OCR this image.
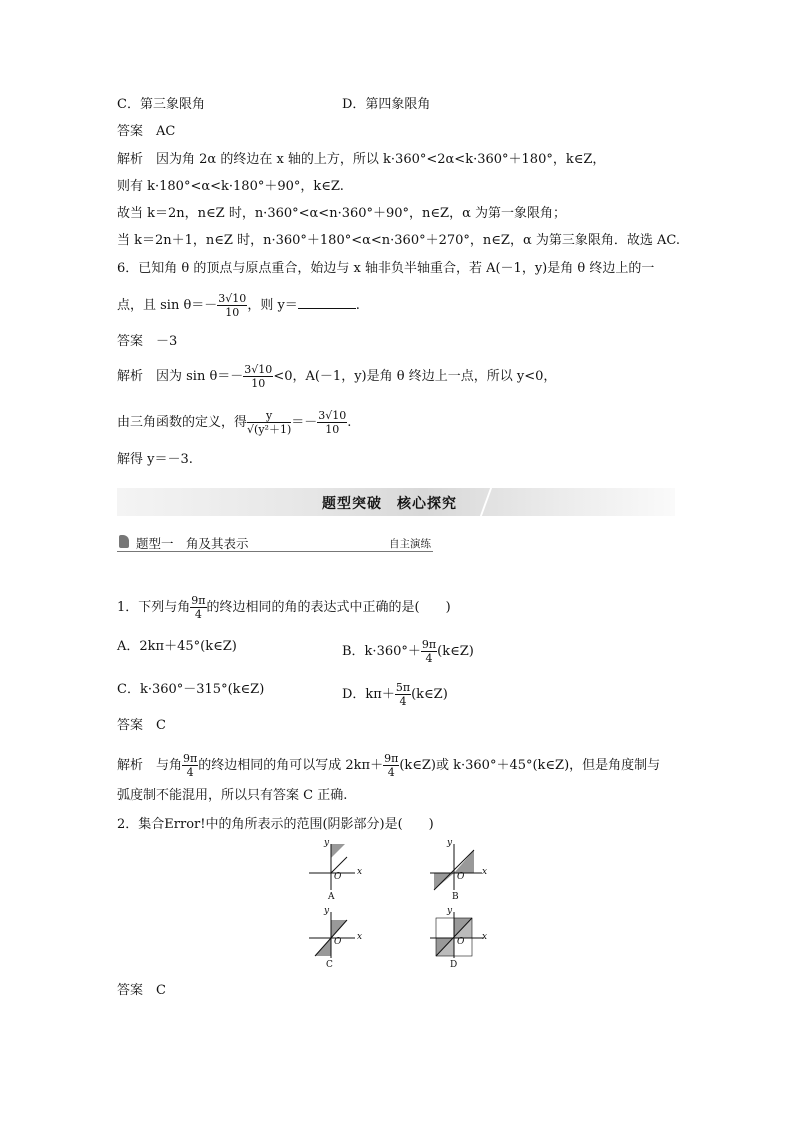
C．第三象限角	D．第四象限角
答案　AC
解析　因为角 2α 的终边在 x 轴的上方，所以 k·360°<2α<k·360°＋180°，k∈Z，
则有 k·180°<α<k·180°＋90°，k∈Z.
故当 k＝2n，n∈Z 时，n·360°<α<n·360°＋90°，n∈Z，α 为第一象限角；
当 k＝2n＋1，n∈Z 时，n·360°＋180°<α<n·360°＋270°，n∈Z，α 为第三象限角．故选 AC.
6．已知角 θ 的顶点与原点重合，始边与 x 轴非负半轴重合，若 A(－1，y)是角 θ 终边上的一
点，且 $\sin \theta=- \frac{3√10}{10}$ ，则 y＝	.
答案　－3
解析　因为 $\sin \theta=- \frac{3√10}{10} <0$，A(－1，y)是角 θ 终边上一点，所以 y<0，
由三角函数的定义，得 $\frac{y}{\text{√(y²＋1)}} =- \frac{3√10}{10}$ .
解得 y＝－3.
题型突破　核心探究
题型一　角及其表示	自主演练
1．下列与角 $\frac{9\pi}{4}$ 的终边相同的角的表达式中正确的是(　　)
A．2kπ＋45°(k∈Z)	B．$k\cdot 360^\circ+ \frac{9\pi}{4}$ (k∈Z)
C．k·360°－315°(k∈Z)	D．$k\pi+ \frac{5\pi}{4}$ (k∈Z)
答案　C
解析　与角 $\frac{9\pi}{4}$ 的终边相同的角可以写成 $2k\pi+ \frac{9\pi}{4}$ (k∈Z)或 k·360°＋45°(k∈Z)，但是角度制与
弧度制不能混用，所以只有答案 C 正确.
2．集合Error!中的角所表示的范围(阴影部分)是(　　)
y
x
O
A
y
x
O
B
y
x
O
C
y
x
O
D
答案　C
